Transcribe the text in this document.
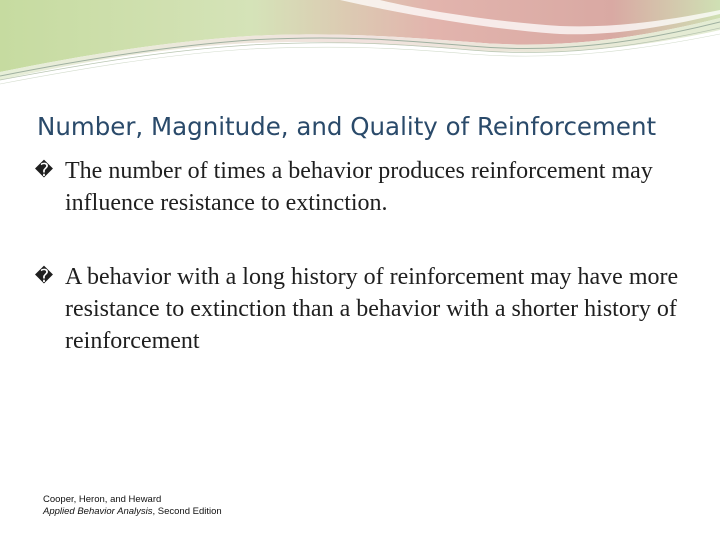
Number, Magnitude, and Quality of Reinforcement
� The number of times a behavior produces reinforcement may influence resistance to extinction.
� A behavior with a long history of reinforcement may have more resistance to extinction than a behavior with a shorter history of reinforcement
Cooper, Heron, and Heward
Applied Behavior Analysis, Second Edition
